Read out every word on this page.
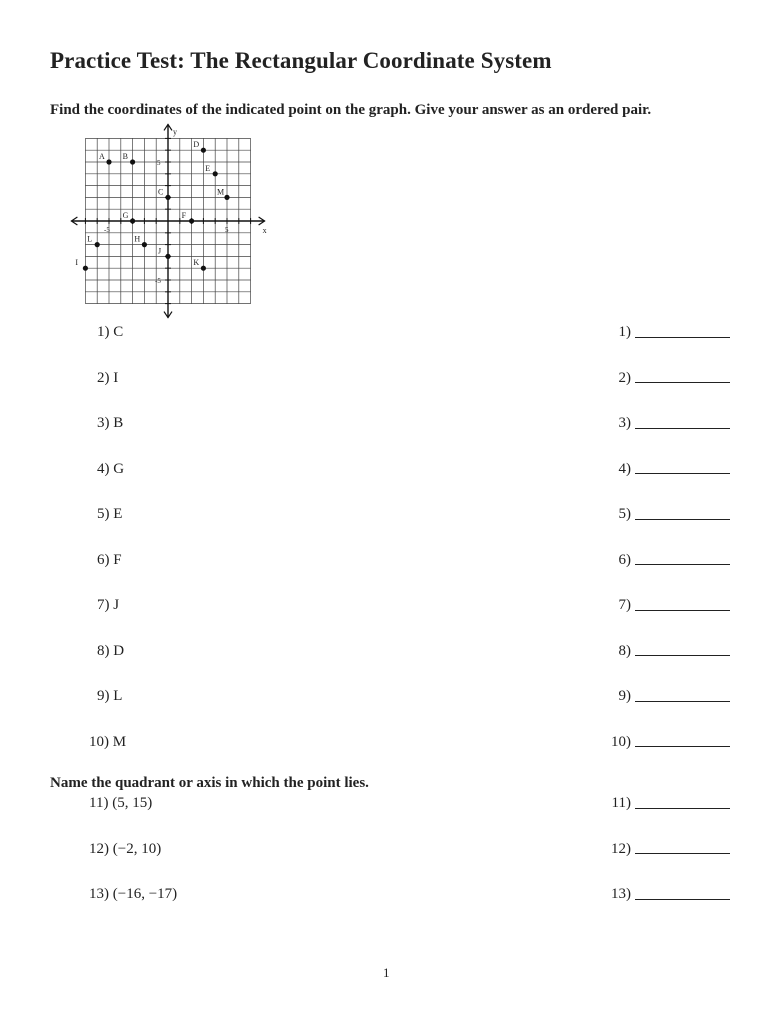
Practice Test: The Rectangular Coordinate System
Find the coordinates of the indicated point on the graph. Give your answer as an ordered pair.
x
y
-5	5
5
-5
A B
C
D
E
M
G	F
L	H
J
I	K
1) C	1)
2) I	2)
3) B	3)
4) G	4)
5) E	5)
6) F	6)
7) J	7)
8) D	8)
9) L	9)
10) M	10)
Name the quadrant or axis in which the point lies.
11) (5, 15)	11)
12) (−2, 10)	12)
13) (−16, −17)	13)
1
